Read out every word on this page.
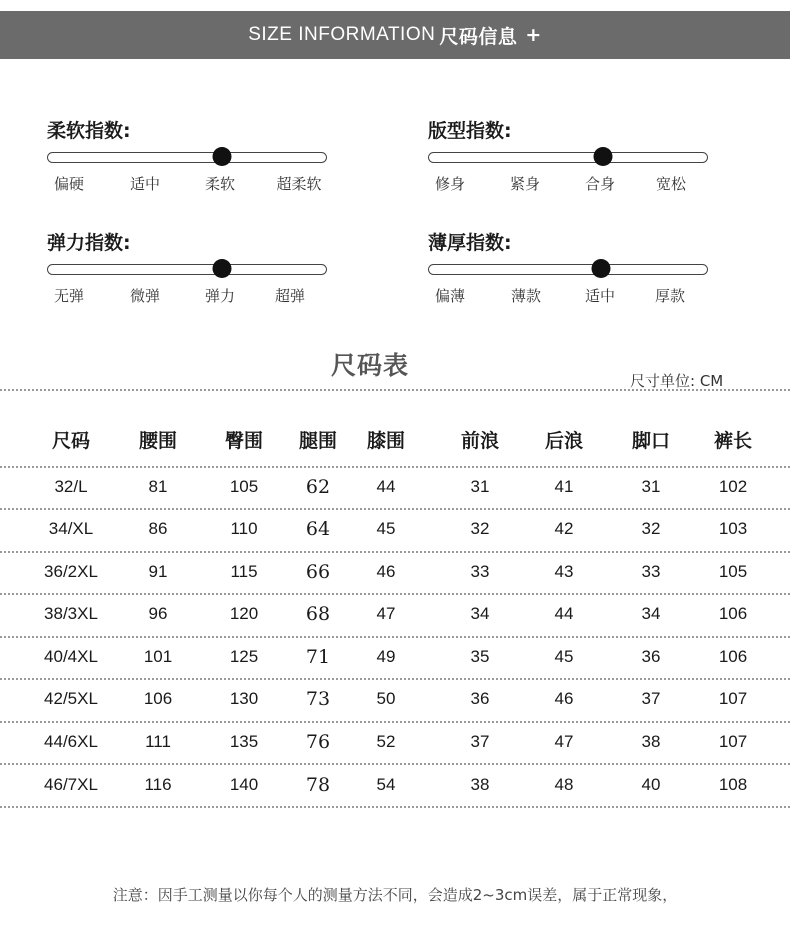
SIZE INFORMATION 尺码信息 +
柔软指数:
偏硬	适中	柔软	超柔软
版型指数:
修身	紧身	合身	宽松
弹力指数:
无弹	微弹	弹力	超弹
薄厚指数:
偏薄	薄款	适中	厚款
尺码表
尺寸单位: CM
尺码	腰围	臀围 腿围 膝围	前浪 后浪	脚口 裤长
32/L	81	105	62	44	31	41	31	102
34/XL	86	110	64	45	32	42	32	103
36/2XL	91	115	66	46	33	43	33	105
38/3XL	96	120	68	47	34	44	34	106
40/4XL	101	125	71	49	35	45	36	106
42/5XL	106	130	73	50	36	46	37	107
44/6XL	111	135	76	52	37	47	38	107
46/7XL	116	140	78	54	38	48	40	108
注意：因手工测量以你每个人的测量方法不同，会造成2~3cm误差，属于正常现象，
